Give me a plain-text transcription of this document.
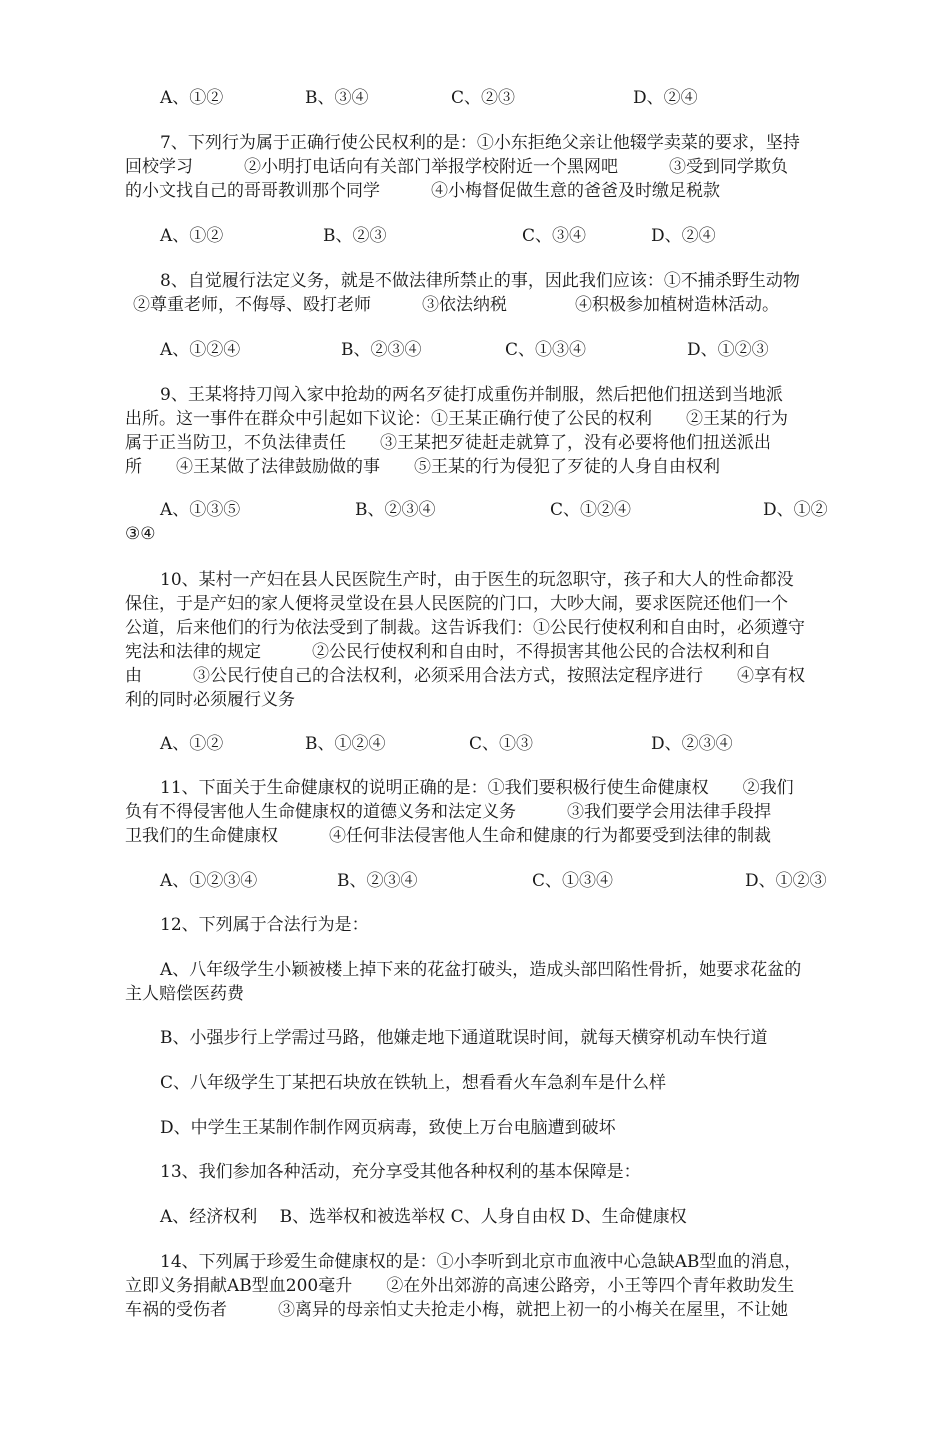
A、①②	B、③④	C、②③	D、②④
7、下列行为属于正确行使公民权利的是：①小东拒绝父亲让他辍学卖菜的要求，坚持
回校学习　　　②小明打电话向有关部门举报学校附近一个黑网吧　　　③受到同学欺负
的小文找自己的哥哥教训那个同学　　　④小梅督促做生意的爸爸及时缴足税款
A、①②	B、②③	C、③④	D、②④
8、自觉履行法定义务，就是不做法律所禁止的事，因此我们应该：①不捕杀野生动物
②尊重老师，不侮辱、殴打老师　　　③依法纳税　　　　④积极参加植树造林活动。
A、①②④	B、②③④	C、①③④	D、①②③
9、王某将持刀闯入家中抢劫的两名歹徒打成重伤并制服，然后把他们扭送到当地派
出所。这一事件在群众中引起如下议论：①王某正确行使了公民的权利　　②王某的行为
属于正当防卫，不负法律责任　　③王某把歹徒赶走就算了，没有必要将他们扭送派出
所　　④王某做了法律鼓励做的事　　⑤王某的行为侵犯了歹徒的人身自由权利
A、①③⑤	B、②③④	C、①②④	D、①②
③④
10、某村一产妇在县人民医院生产时，由于医生的玩忽职守，孩子和大人的性命都没
保住，于是产妇的家人便将灵堂设在县人民医院的门口，大吵大闹，要求医院还他们一个
公道，后来他们的行为依法受到了制裁。这告诉我们：①公民行使权利和自由时，必须遵守
宪法和法律的规定　　　②公民行使权利和自由时，不得损害其他公民的合法权利和自
由　　　③公民行使自己的合法权利，必须采用合法方式，按照法定程序进行　　④享有权
利的同时必须履行义务
A、①②	B、①②④	C、①③	D、②③④
11、下面关于生命健康权的说明正确的是：①我们要积极行使生命健康权　　②我们
负有不得侵害他人生命健康权的道德义务和法定义务　　　③我们要学会用法律手段捍
卫我们的生命健康权　　　④任何非法侵害他人生命和健康的行为都要受到法律的制裁
A、①②③④	B、②③④	C、①③④	D、①②③
12、下列属于合法行为是：
A、八年级学生小颖被楼上掉下来的花盆打破头，造成头部凹陷性骨折，她要求花盆的
主人赔偿医药费
B、小强步行上学需过马路，他嫌走地下通道耽误时间，就每天横穿机动车快行道
C、八年级学生丁某把石块放在铁轨上，想看看火车急刹车是什么样
D、中学生王某制作制作网页病毒，致使上万台电脑遭到破坏
13、我们参加各种活动，充分享受其他各种权利的基本保障是：
A、经济权利　 B、选举权和被选举权 C、人身自由权 D、生命健康权
14、下列属于珍爱生命健康权的是：①小李听到北京市血液中心急缺AB型血的消息，
立即义务捐献AB型血200毫升　　②在外出郊游的高速公路旁，小王等四个青年救助发生
车祸的受伤者　　　③离异的母亲怕丈夫抢走小梅，就把上初一的小梅关在屋里，不让她
